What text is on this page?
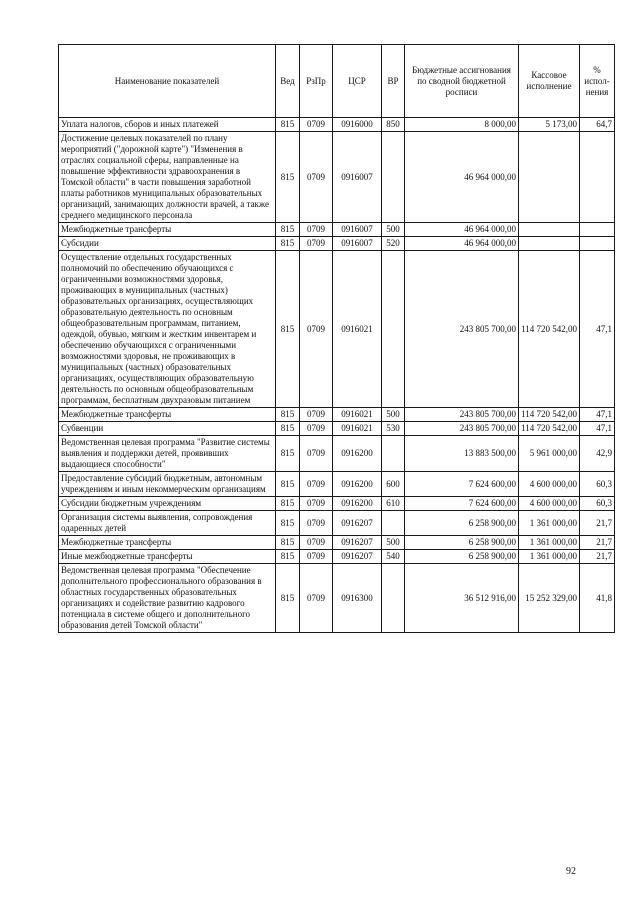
Наименование показателей	Вед	РзПр	ЦСР	ВР	Бюджетные ассигнования по сводной бюджетной росписи	Кассовое исполнение	% испол-нения
Уплата налогов, сборов и иных платежей	815	0709	0916000	850	8 000,00	5 173,00	64,7
Достижение целевых показателей по плану мероприятий ("дорожной карте") "Изменения в отраслях социальной сферы, направленные на повышение эффективности здравоохранения в Томской области" в части повышения заработной платы работников муниципальных образовательных организаций, занимающих должности врачей, а также среднего медицинского персонала	815	0709	0916007		46 964 000,00		
Межбюджетные трансферты	815	0709	0916007	500	46 964 000,00		
Субсидии	815	0709	0916007	520	46 964 000,00		
Осуществление отдельных государственных полномочий по обеспечению обучающихся с ограниченными возможностями здоровья, проживающих в муниципальных (частных) образовательных организациях, осуществляющих образовательную деятельность по основным общеобразовательным программам, питанием, одеждой, обувью, мягким и жестким инвентарем и обеспечению обучающихся с ограниченными возможностями здоровья, не проживающих в муниципальных (частных) образовательных организациях, осуществляющих образовательную деятельность по основным общеобразовательным программам, бесплатным двухразовым питанием	815	0709	0916021		243 805 700,00	114 720 542,00	47,1
Межбюджетные трансферты	815	0709	0916021	500	243 805 700,00	114 720 542,00	47,1
Субвенции	815	0709	0916021	530	243 805 700,00	114 720 542,00	47,1
Ведомственная целевая программа "Развитие системы выявления и поддержки детей, проявивших выдающиеся способности"	815	0709	0916200		13 883 500,00	5 961 000,00	42,9
Предоставление субсидий бюджетным, автономным учреждениям и иным некоммерческим организациям	815	0709	0916200	600	7 624 600,00	4 600 000,00	60,3
Субсидии бюджетным учреждениям	815	0709	0916200	610	7 624 600,00	4 600 000,00	60,3
Организация системы выявления, сопровождения одаренных детей	815	0709	0916207		6 258 900,00	1 361 000,00	21,7
Межбюджетные трансферты	815	0709	0916207	500	6 258 900,00	1 361 000,00	21,7
Иные межбюджетные трансферты	815	0709	0916207	540	6 258 900,00	1 361 000,00	21,7
Ведомственная целевая программа "Обеспечение дополнительного профессионального образования в областных государственных образовательных организациях и содействие развитию кадрового потенциала в системе общего и дополнительного образования детей Томской области"	815	0709	0916300		36 512 916,00	15 252 329,00	41,8
92
